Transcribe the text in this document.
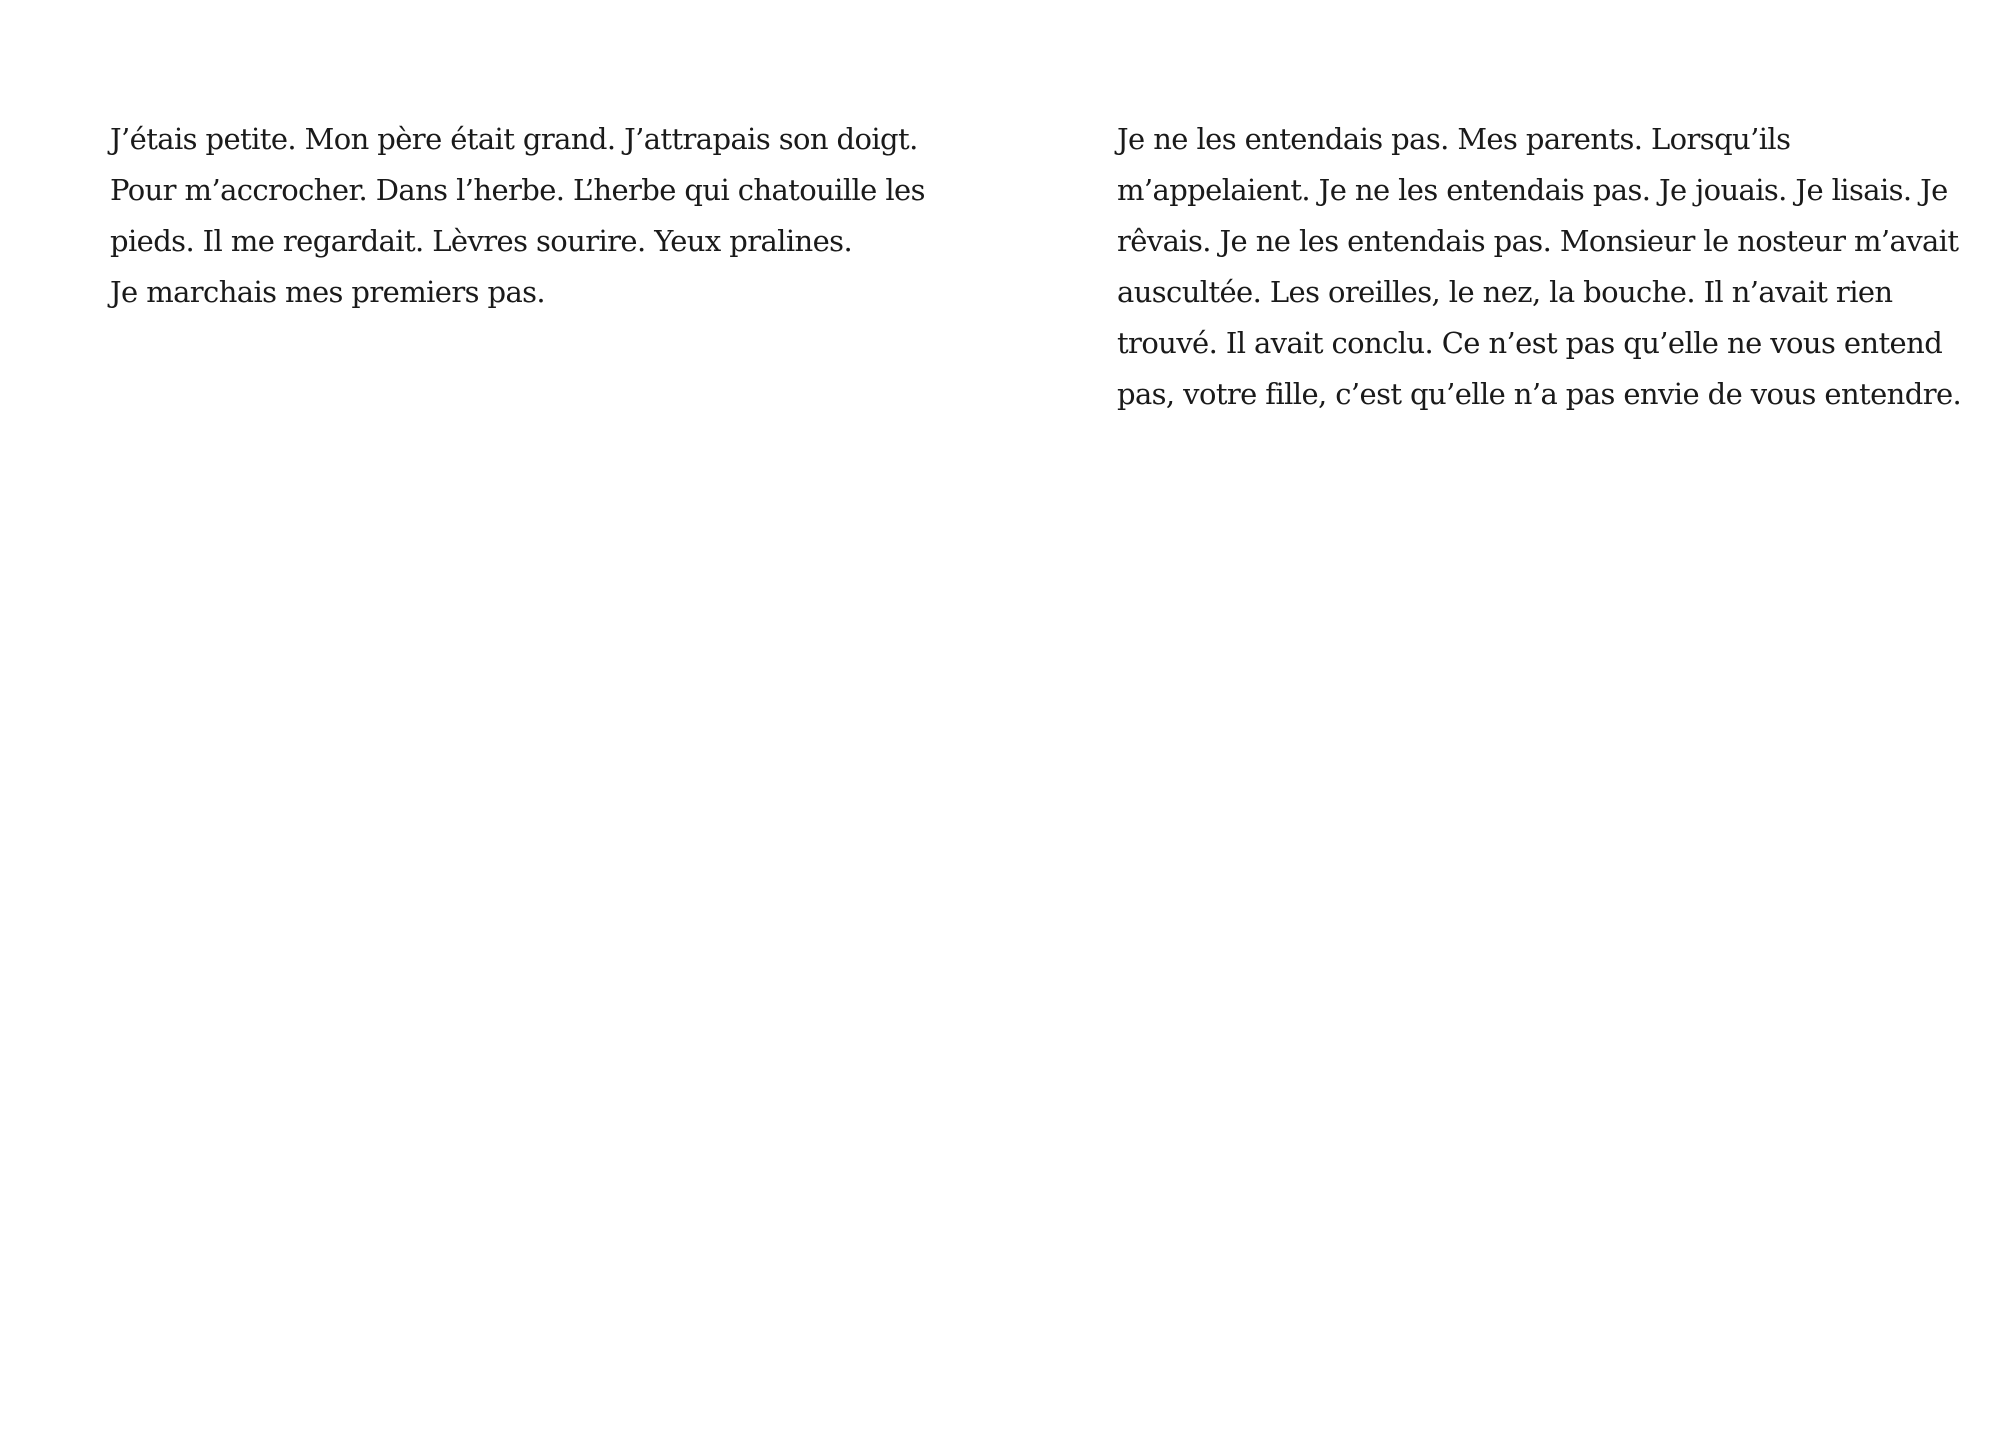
J’étais petite. Mon père était grand. J’attrapais son doigt.
Pour m’accrocher. Dans l’herbe. L’herbe qui chatouille les
pieds. Il me regardait. Lèvres sourire. Yeux pralines.
Je marchais mes premiers pas.
Je ne les entendais pas. Mes parents. Lorsqu’ils
m’appelaient. Je ne les entendais pas. Je jouais. Je lisais. Je
rêvais. Je ne les entendais pas. Monsieur le nosteur m’avait
auscultée. Les oreilles, le nez, la bouche. Il n’avait rien
trouvé. Il avait conclu. Ce n’est pas qu’elle ne vous entend
pas, votre fille, c’est qu’elle n’a pas envie de vous entendre.
